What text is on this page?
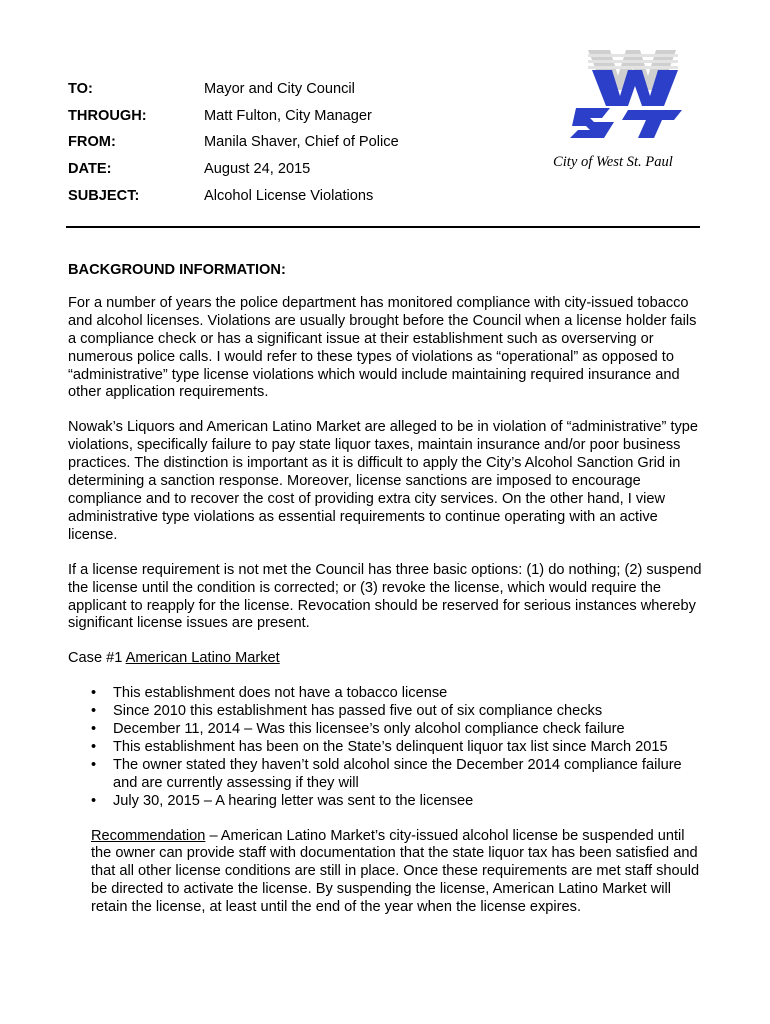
TO:	Mayor and City Council
THROUGH:	Matt Fulton, City Manager
FROM:	Manila Shaver, Chief of Police
DATE:	August 24, 2015
SUBJECT:	Alcohol License Violations
City of West St. Paul
BACKGROUND INFORMATION:

For a number of years the police department has monitored compliance with city-issued tobacco and alcohol licenses. Violations are usually brought before the Council when a license holder fails a compliance check or has a significant issue at their establishment such as overserving or numerous police calls. I would refer to these types of violations as “operational” as opposed to “administrative” type license violations which would include maintaining required insurance and other application requirements.

Nowak’s Liquors and American Latino Market are alleged to be in violation of “administrative” type violations, specifically failure to pay state liquor taxes, maintain insurance and/or poor business practices. The distinction is important as it is difficult to apply the City’s Alcohol Sanction Grid in determining a sanction response. Moreover, license sanctions are imposed to encourage compliance and to recover the cost of providing extra city services. On the other hand, I view administrative type violations as essential requirements to continue operating with an active license.

If a license requirement is not met the Council has three basic options: (1) do nothing; (2) suspend the license until the condition is corrected; or (3) revoke the license, which would require the applicant to reapply for the license. Revocation should be reserved for serious instances whereby significant license issues are present.

Case #1 American Latino Market
• This establishment does not have a tobacco license
• Since 2010 this establishment has passed five out of six compliance checks
• December 11, 2014 – Was this licensee’s only alcohol compliance check failure
• This establishment has been on the State’s delinquent liquor tax list since March 2015
• The owner stated they haven’t sold alcohol since the December 2014 compliance failure and are currently assessing if they will
• July 30, 2015 – A hearing letter was sent to the licensee

Recommendation – American Latino Market’s city-issued alcohol license be suspended until the owner can provide staff with documentation that the state liquor tax has been satisfied and that all other license conditions are still in place. Once these requirements are met staff should be directed to activate the license. By suspending the license, American Latino Market will retain the license, at least until the end of the year when the license expires.
